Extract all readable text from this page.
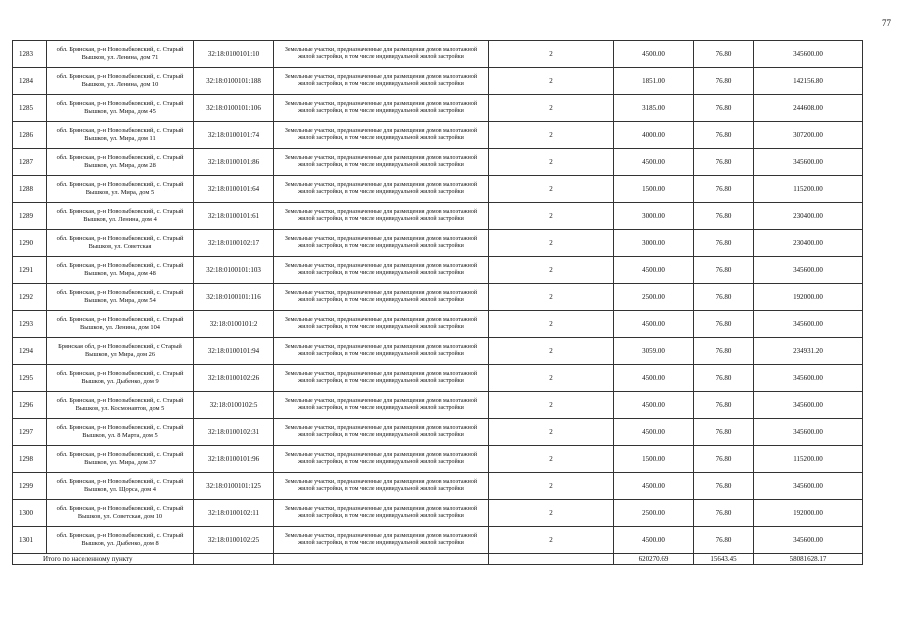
77
1283	обл. Брянская, р-н Новозыбковский, с. Старый Вышков, ул. Ленина, дом 71	32:18:0100101:10	Земельные участки, предназначенные для размещения домов малоэтажной жилой застройки, в том числе индивидуальной жилой застройки	2	4500.00	76.80	345600.00
1284	обл. Брянская, р-н Новозыбковский, с. Старый Вышков, ул. Ленина, дом 10	32:18:0100101:188	Земельные участки, предназначенные для размещения домов малоэтажной жилой застройки, в том числе индивидуальной жилой застройки	2	1851.00	76.80	142156.80
1285	обл. Брянская, р-н Новозыбковский, с. Старый Вышков, ул. Мира, дом 45	32:18:0100101:106	Земельные участки, предназначенные для размещения домов малоэтажной жилой застройки, в том числе индивидуальной жилой застройки	2	3185.00	76.80	244608.00
1286	обл. Брянская, р-н Новозыбковский, с. Старый Вышков, ул. Мира, дом 11	32:18:0100101:74	Земельные участки, предназначенные для размещения домов малоэтажной жилой застройки, в том числе индивидуальной жилой застройки	2	4000.00	76.80	307200.00
1287	обл. Брянская, р-н Новозыбковский, с. Старый Вышков, ул. Мира, дом 28	32:18:0100101:86	Земельные участки, предназначенные для размещения домов малоэтажной жилой застройки, в том числе индивидуальной жилой застройки	2	4500.00	76.80	345600.00
1288	обл. Брянская, р-н Новозыбковский, с. Старый Вышков, ул. Мира, дом 5	32:18:0100101:64	Земельные участки, предназначенные для размещения домов малоэтажной жилой застройки, в том числе индивидуальной жилой застройки	2	1500.00	76.80	115200.00
1289	обл. Брянская, р-н Новозыбковский, с. Старый Вышков, ул. Ленина, дом 4	32:18:0100101:61	Земельные участки, предназначенные для размещения домов малоэтажной жилой застройки, в том числе индивидуальной жилой застройки	2	3000.00	76.80	230400.00
1290	обл. Брянская, р-н Новозыбковский, с. Старый Вышков, ул. Советская	32:18:0100102:17	Земельные участки, предназначенные для размещения домов малоэтажной жилой застройки, в том числе индивидуальной жилой застройки	2	3000.00	76.80	230400.00
1291	обл. Брянская, р-н Новозыбковский, с. Старый Вышков, ул. Мира, дом 48	32:18:0100101:103	Земельные участки, предназначенные для размещения домов малоэтажной жилой застройки, в том числе индивидуальной жилой застройки	2	4500.00	76.80	345600.00
1292	обл. Брянская, р-н Новозыбковский, с. Старый Вышков, ул. Мира, дом 54	32:18:0100101:116	Земельные участки, предназначенные для размещения домов малоэтажной жилой застройки, в том числе индивидуальной жилой застройки	2	2500.00	76.80	192000.00
1293	обл. Брянская, р-н Новозыбковский, с. Старый Вышков, ул. Ленина, дом 104	32:18:0100101:2	Земельные участки, предназначенные для размещения домов малоэтажной жилой застройки, в том числе индивидуальной жилой застройки	2	4500.00	76.80	345600.00
1294	Брянская обл, р-н Новозыбковский, с Старый Вышков, ул Мира, дом 26	32:18:0100101:94	Земельные участки, предназначенные для размещения домов малоэтажной жилой застройки, в том числе индивидуальной жилой застройки	2	3059.00	76.80	234931.20
1295	обл. Брянская, р-н Новозыбковский, с. Старый Вышков, ул. Дыбенко, дом 9	32:18:0100102:26	Земельные участки, предназначенные для размещения домов малоэтажной жилой застройки, в том числе индивидуальной жилой застройки	2	4500.00	76.80	345600.00
1296	обл. Брянская, р-н Новозыбковский, с. Старый Вышков, ул. Космонавтов, дом 5	32:18:0100102:5	Земельные участки, предназначенные для размещения домов малоэтажной жилой застройки, в том числе индивидуальной жилой застройки	2	4500.00	76.80	345600.00
1297	обл. Брянская, р-н Новозыбковский, с. Старый Вышков, ул. 8 Марта, дом 5	32:18:0100102:31	Земельные участки, предназначенные для размещения домов малоэтажной жилой застройки, в том числе индивидуальной жилой застройки	2	4500.00	76.80	345600.00
1298	обл. Брянская, р-н Новозыбковский, с. Старый Вышков, ул. Мира, дом 37	32:18:0100101:96	Земельные участки, предназначенные для размещения домов малоэтажной жилой застройки, в том числе индивидуальной жилой застройки	2	1500.00	76.80	115200.00
1299	обл. Брянская, р-н Новозыбковский, с. Старый Вышков, ул. Щорса, дом 4	32:18:0100101:125	Земельные участки, предназначенные для размещения домов малоэтажной жилой застройки, в том числе индивидуальной жилой застройки	2	4500.00	76.80	345600.00
1300	обл. Брянская, р-н Новозыбковский, с. Старый Вышков, ул. Советская, дом 10	32:18:0100102:11	Земельные участки, предназначенные для размещения домов малоэтажной жилой застройки, в том числе индивидуальной жилой застройки	2	2500.00	76.80	192000.00
1301	обл. Брянская, р-н Новозыбковский, с. Старый Вышков, ул. Дыбенко, дом 8	32:18:0100102:25	Земельные участки, предназначенные для размещения домов малоэтажной жилой застройки, в том числе индивидуальной жилой застройки	2	4500.00	76.80	345600.00
Итого по населенному пункту					620270.69	15643.45	58081628.17
